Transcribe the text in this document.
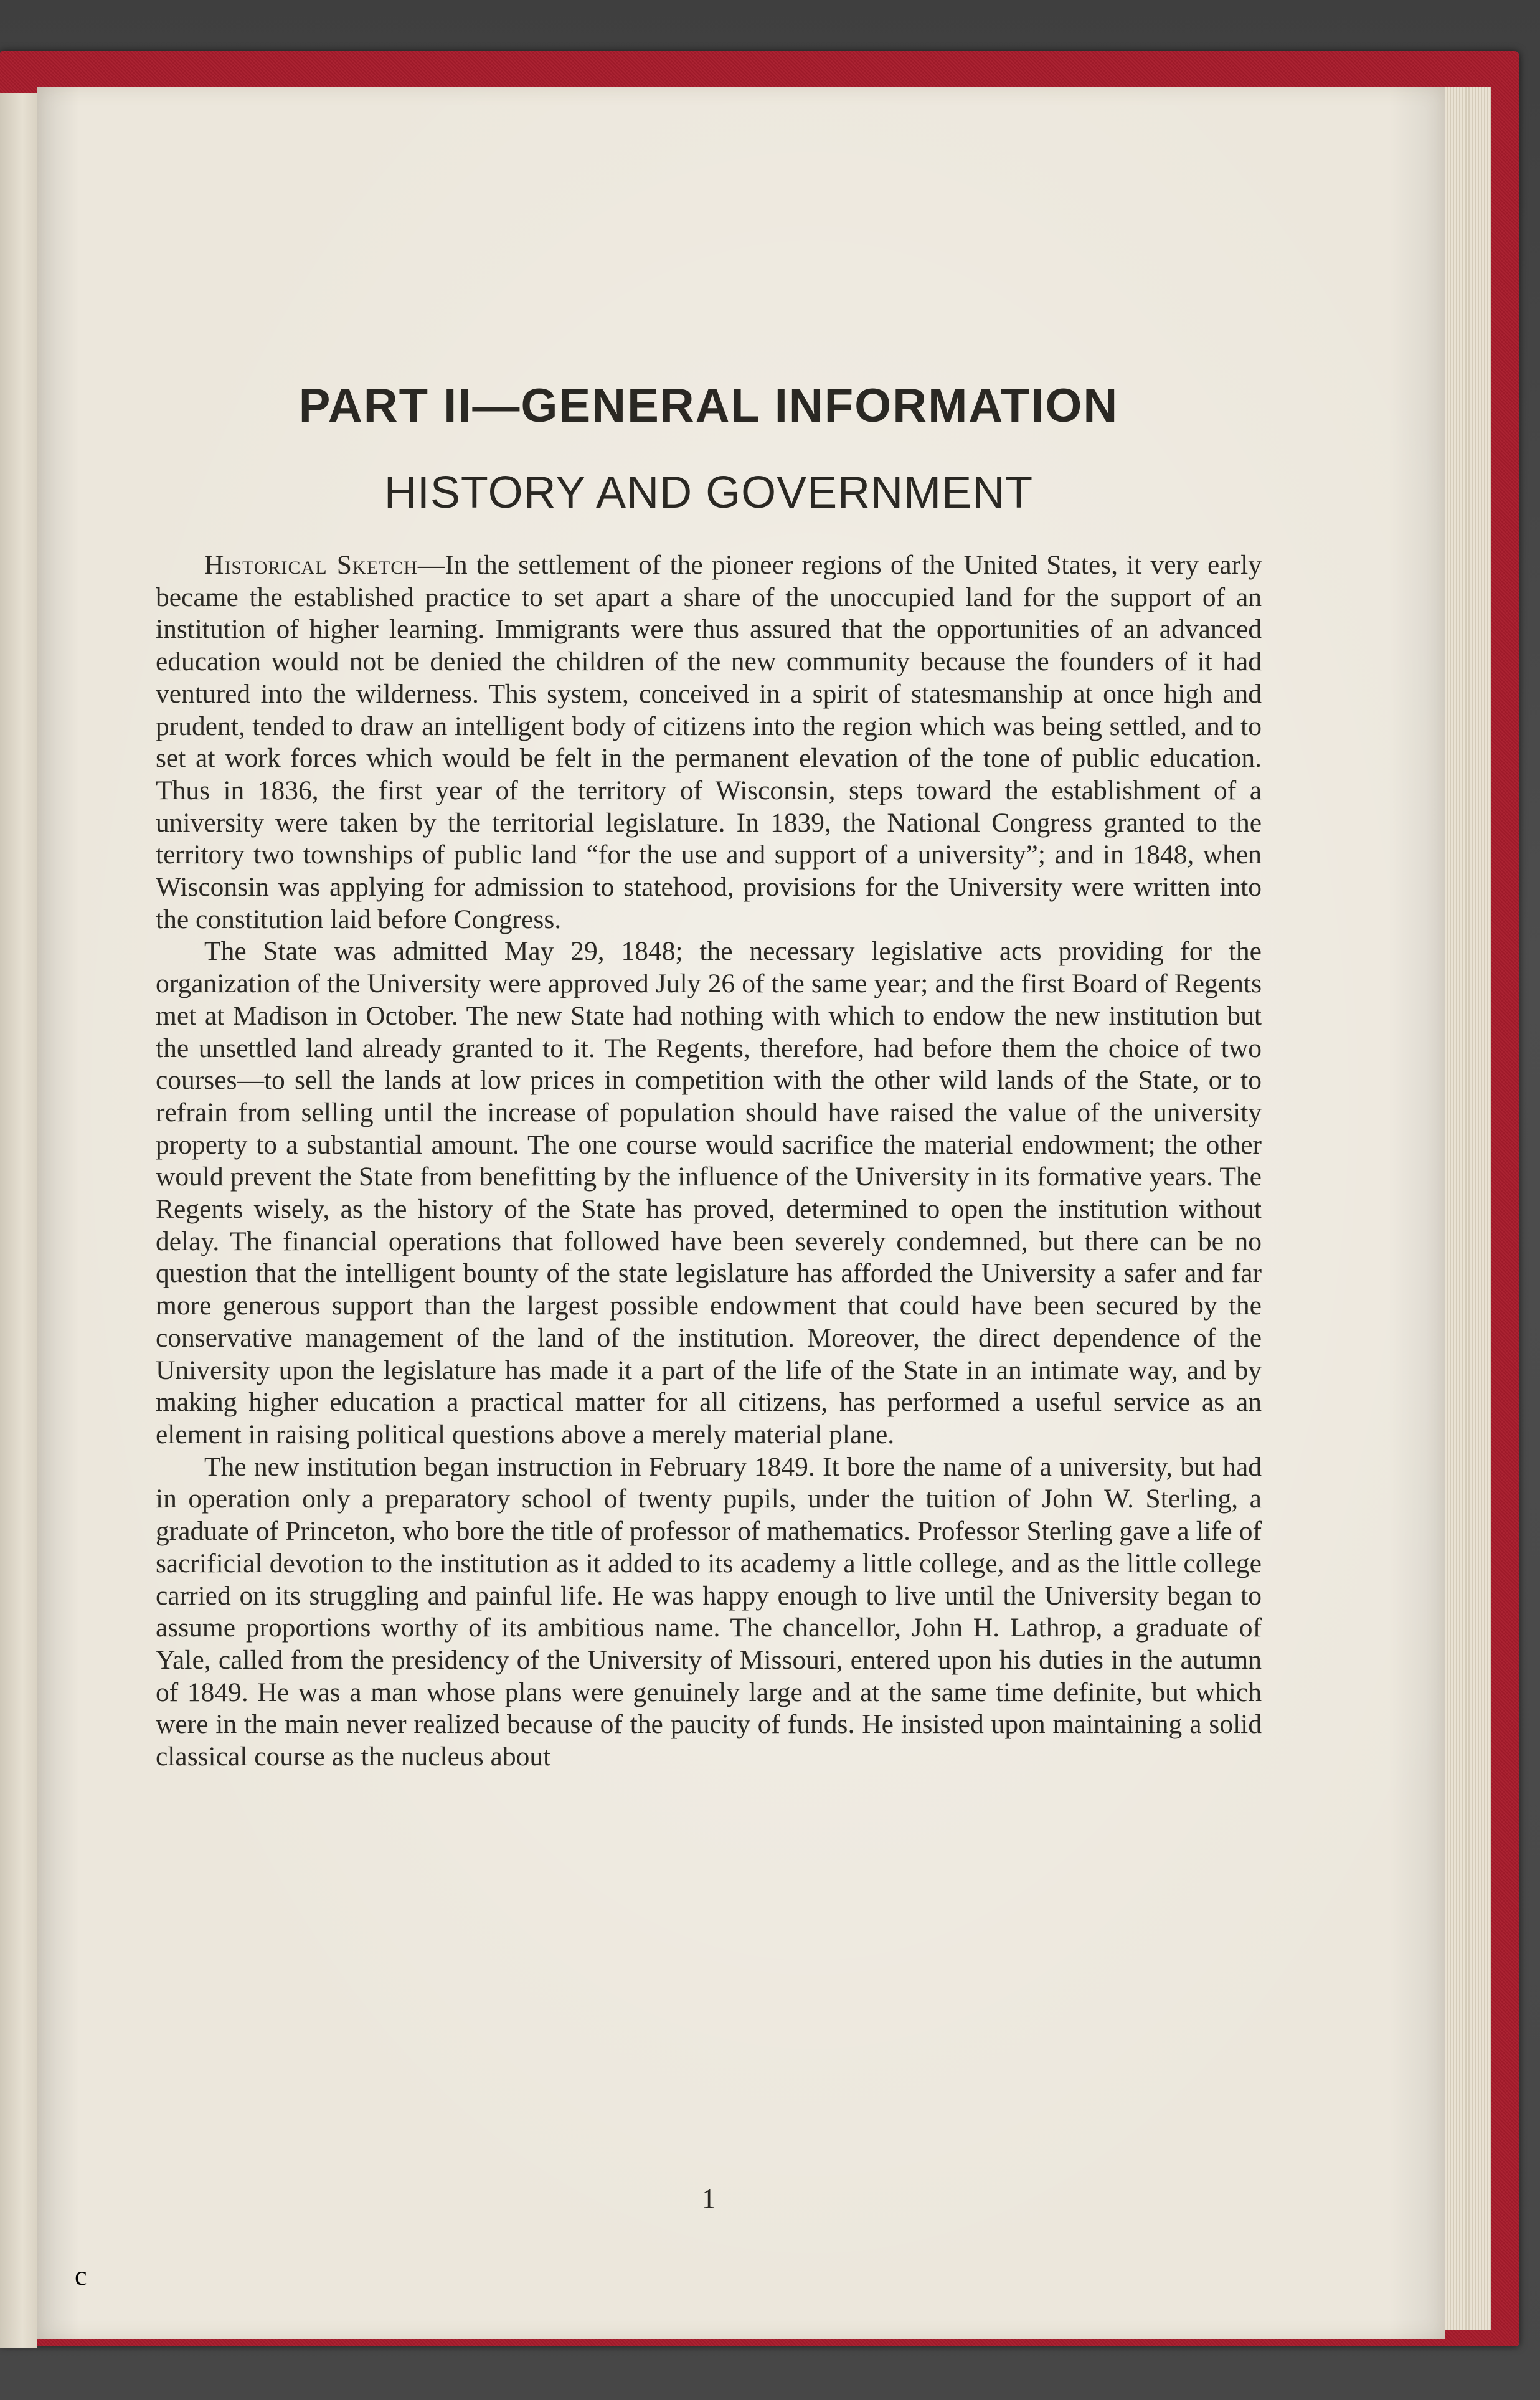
PART II—GENERAL INFORMATION
HISTORY AND GOVERNMENT

Historical Sketch—In the settlement of the pioneer regions of the United States, it very early became the established practice to set apart a share of the unoccupied land for the support of an institution of higher learning. Immigrants were thus assured that the opportunities of an advanced education would not be denied the children of the new community because the founders of it had ventured into the wilderness. This system, conceived in a spirit of statesmanship at once high and prudent, tended to draw an intelligent body of citizens into the region which was being settled, and to set at work forces which would be felt in the permanent elevation of the tone of public education. Thus in 1836, the first year of the territory of Wisconsin, steps toward the establishment of a university were taken by the territorial legislature. In 1839, the National Congress granted to the territory two townships of public land “for the use and support of a university”; and in 1848, when Wisconsin was applying for admission to statehood, provisions for the University were written into the constitution laid before Congress.

The State was admitted May 29, 1848; the necessary legislative acts providing for the organization of the University were approved July 26 of the same year; and the first Board of Regents met at Madison in October. The new State had nothing with which to endow the new institution but the unsettled land already granted to it. The Regents, therefore, had before them the choice of two courses—to sell the lands at low prices in competition with the other wild lands of the State, or to refrain from selling until the increase of population should have raised the value of the university property to a substantial amount. The one course would sacrifice the material endowment; the other would prevent the State from benefitting by the influence of the University in its formative years. The Regents wisely, as the history of the State has proved, determined to open the institution without delay. The financial operations that followed have been severely condemned, but there can be no question that the intelligent bounty of the state legislature has afforded the University a safer and far more generous support than the largest possible endowment that could have been secured by the conservative management of the land of the institution. Moreover, the direct dependence of the University upon the legislature has made it a part of the life of the State in an intimate way, and by making higher education a practical matter for all citizens, has performed a useful service as an element in raising political questions above a merely material plane.

The new institution began instruction in February 1849. It bore the name of a university, but had in operation only a preparatory school of twenty pupils, under the tuition of John W. Sterling, a graduate of Princeton, who bore the title of professor of mathematics. Professor Sterling gave a life of sacrificial devotion to the institution as it added to its academy a little college, and as the little college carried on its struggling and painful life. He was happy enough to live until the University began to assume proportions worthy of its ambitious name. The chancellor, John H. Lathrop, a graduate of Yale, called from the presidency of the University of Missouri, entered upon his duties in the autumn of 1849. He was a man whose plans were genuinely large and at the same time definite, but which were in the main never realized because of the paucity of funds. He insisted upon maintaining a solid classical course as the nucleus about

1
c
